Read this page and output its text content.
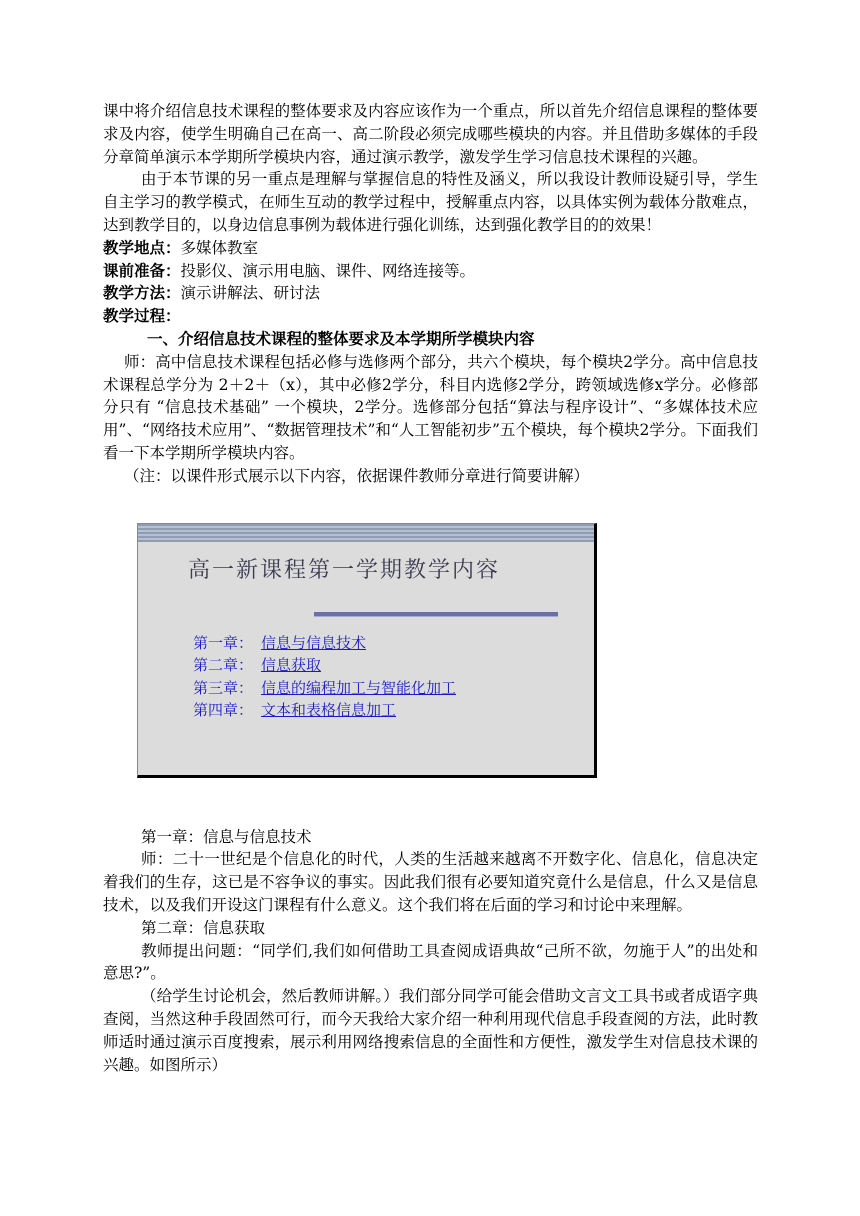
课中将介绍信息技术课程的整体要求及内容应该作为一个重点，所以首先介绍信息课程的整体要求及内容，使学生明确自己在高一、高二阶段必须完成哪些模块的内容。并且借助多媒体的手段分章简单演示本学期所学模块内容，通过演示教学，激发学生学习信息技术课程的兴趣。

由于本节课的另一重点是理解与掌握信息的特性及涵义，所以我设计教师设疑引导，学生自主学习的教学模式，在师生互动的教学过程中，授解重点内容，以具体实例为载体分散难点，达到教学目的，以身边信息事例为载体进行强化训练，达到强化教学目的的效果！

教学地点：多媒体教室

课前准备：投影仪、演示用电脑、课件、网络连接等。

教学方法：演示讲解法、研讨法

教学过程：

一、介绍信息技术课程的整体要求及本学期所学模块内容

师：高中信息技术课程包括必修与选修两个部分，共六个模块，每个模块2学分。高中信息技术课程总学分为 2＋2＋（x），其中必修2学分，科目内选修2学分，跨领域选修x学分。必修部分只有 “信息技术基础” 一个模块，2学分。选修部分包括“算法与程序设计”、“多媒体技术应用”、“网络技术应用”、“数据管理技术”和“人工智能初步”五个模块，每个模块2学分。下面我们看一下本学期所学模块内容。

（注：以课件形式展示以下内容，依据课件教师分章进行简要讲解）

高一新课程第一学期教学内容
第一章： 信息与信息技术
第二章： 信息获取
第三章： 信息的编程加工与智能化加工
第四章： 文本和表格信息加工

第一章：信息与信息技术

师：二十一世纪是个信息化的时代，人类的生活越来越离不开数字化、信息化，信息决定着我们的生存，这已是不容争议的事实。因此我们很有必要知道究竟什么是信息，什么又是信息技术，以及我们开设这门课程有什么意义。这个我们将在后面的学习和讨论中来理解。

第二章：信息获取

教师提出问题：“同学们,我们如何借助工具查阅成语典故“己所不欲，勿施于人”的出处和意思?”。

（给学生讨论机会，然后教师讲解。）我们部分同学可能会借助文言文工具书或者成语字典查阅，当然这种手段固然可行，而今天我给大家介绍一种利用现代信息手段查阅的方法，此时教师适时通过演示百度搜索，展示利用网络搜索信息的全面性和方便性，激发学生对信息技术课的兴趣。如图所示）
